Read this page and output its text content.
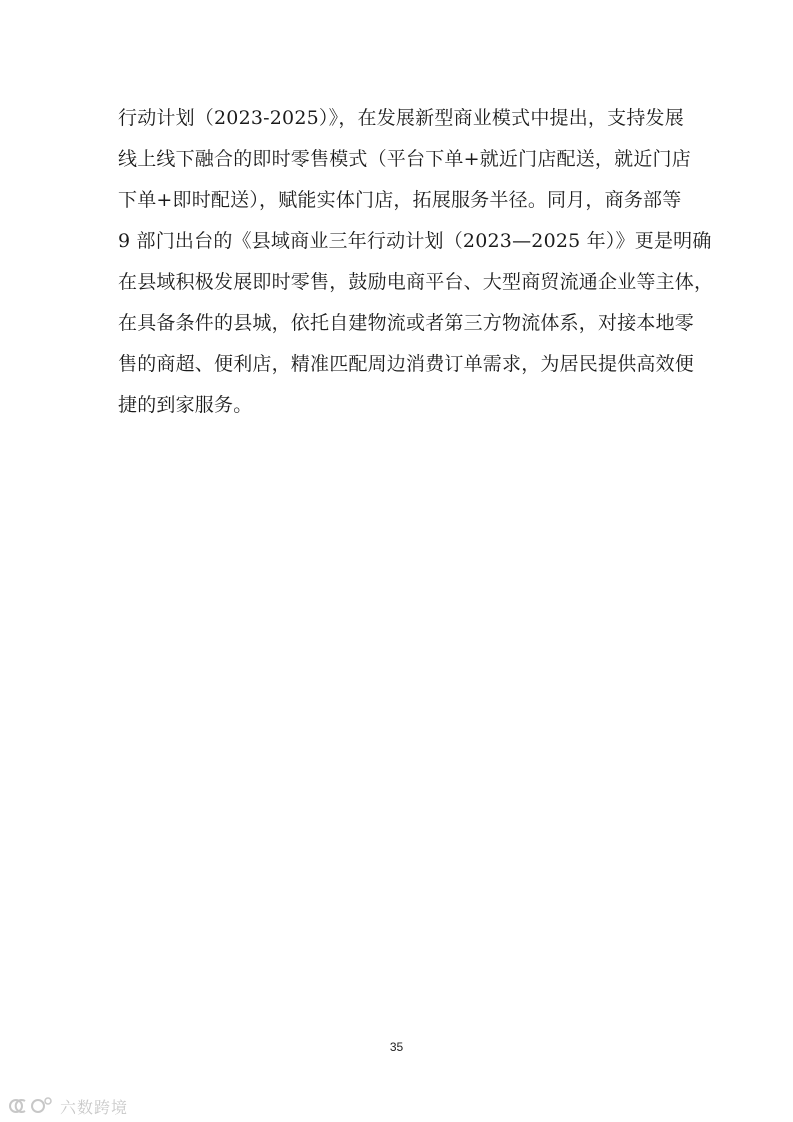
行动计划（2023-2025）》，在发展新型商业模式中提出，支持发展
线上线下融合的即时零售模式（平台下单+就近门店配送，就近门店
下单+即时配送），赋能实体门店，拓展服务半径。同月，商务部等
9 部门出台的《县域商业三年行动计划（2023—2025 年）》更是明确
在县域积极发展即时零售，鼓励电商平台、大型商贸流通企业等主体，
在具备条件的县城，依托自建物流或者第三方物流体系，对接本地零
售的商超、便利店，精准匹配周边消费订单需求，为居民提供高效便
捷的到家服务。
35
六数跨境
